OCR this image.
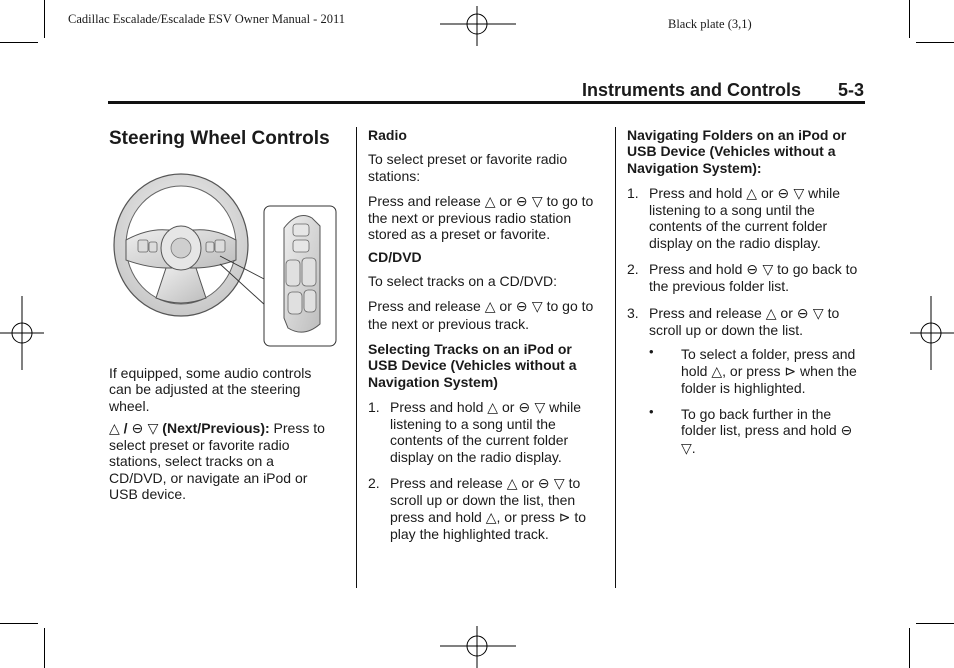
Cadillac Escalade/Escalade ESV Owner Manual - 2011	Black plate (3,1)
Instruments and Controls 5-3
Steering Wheel Controls

If equipped, some audio controls can be adjusted at the steering wheel.

△ / ⊖ ▽ (Next/Previous): Press to select preset or favorite radio stations, select tracks on a CD/DVD, or navigate an iPod or USB device.

Radio

To select preset or favorite radio stations:

Press and release △ or ⊖ ▽ to go to the next or previous radio station stored as a preset or favorite.

CD/DVD

To select tracks on a CD/DVD:

Press and release △ or ⊖ ▽ to go to the next or previous track.

Selecting Tracks on an iPod or USB Device (Vehicles without a Navigation System)

1. Press and hold △ or ⊖ ▽ while listening to a song until the contents of the current folder display on the radio display.
2. Press and release △ or ⊖ ▽ to scroll up or down the list, then press and hold △, or press ⊳ to play the highlighted track.

Navigating Folders on an iPod or USB Device (Vehicles without a Navigation System):

1. Press and hold △ or ⊖ ▽ while listening to a song until the contents of the current folder display on the radio display.
2. Press and hold ⊖ ▽ to go back to the previous folder list.
3. Press and release △ or ⊖ ▽ to scroll up or down the list.
• To select a folder, press and hold △, or press ⊳ when the folder is highlighted.
• To go back further in the folder list, press and hold ⊖ ▽.
